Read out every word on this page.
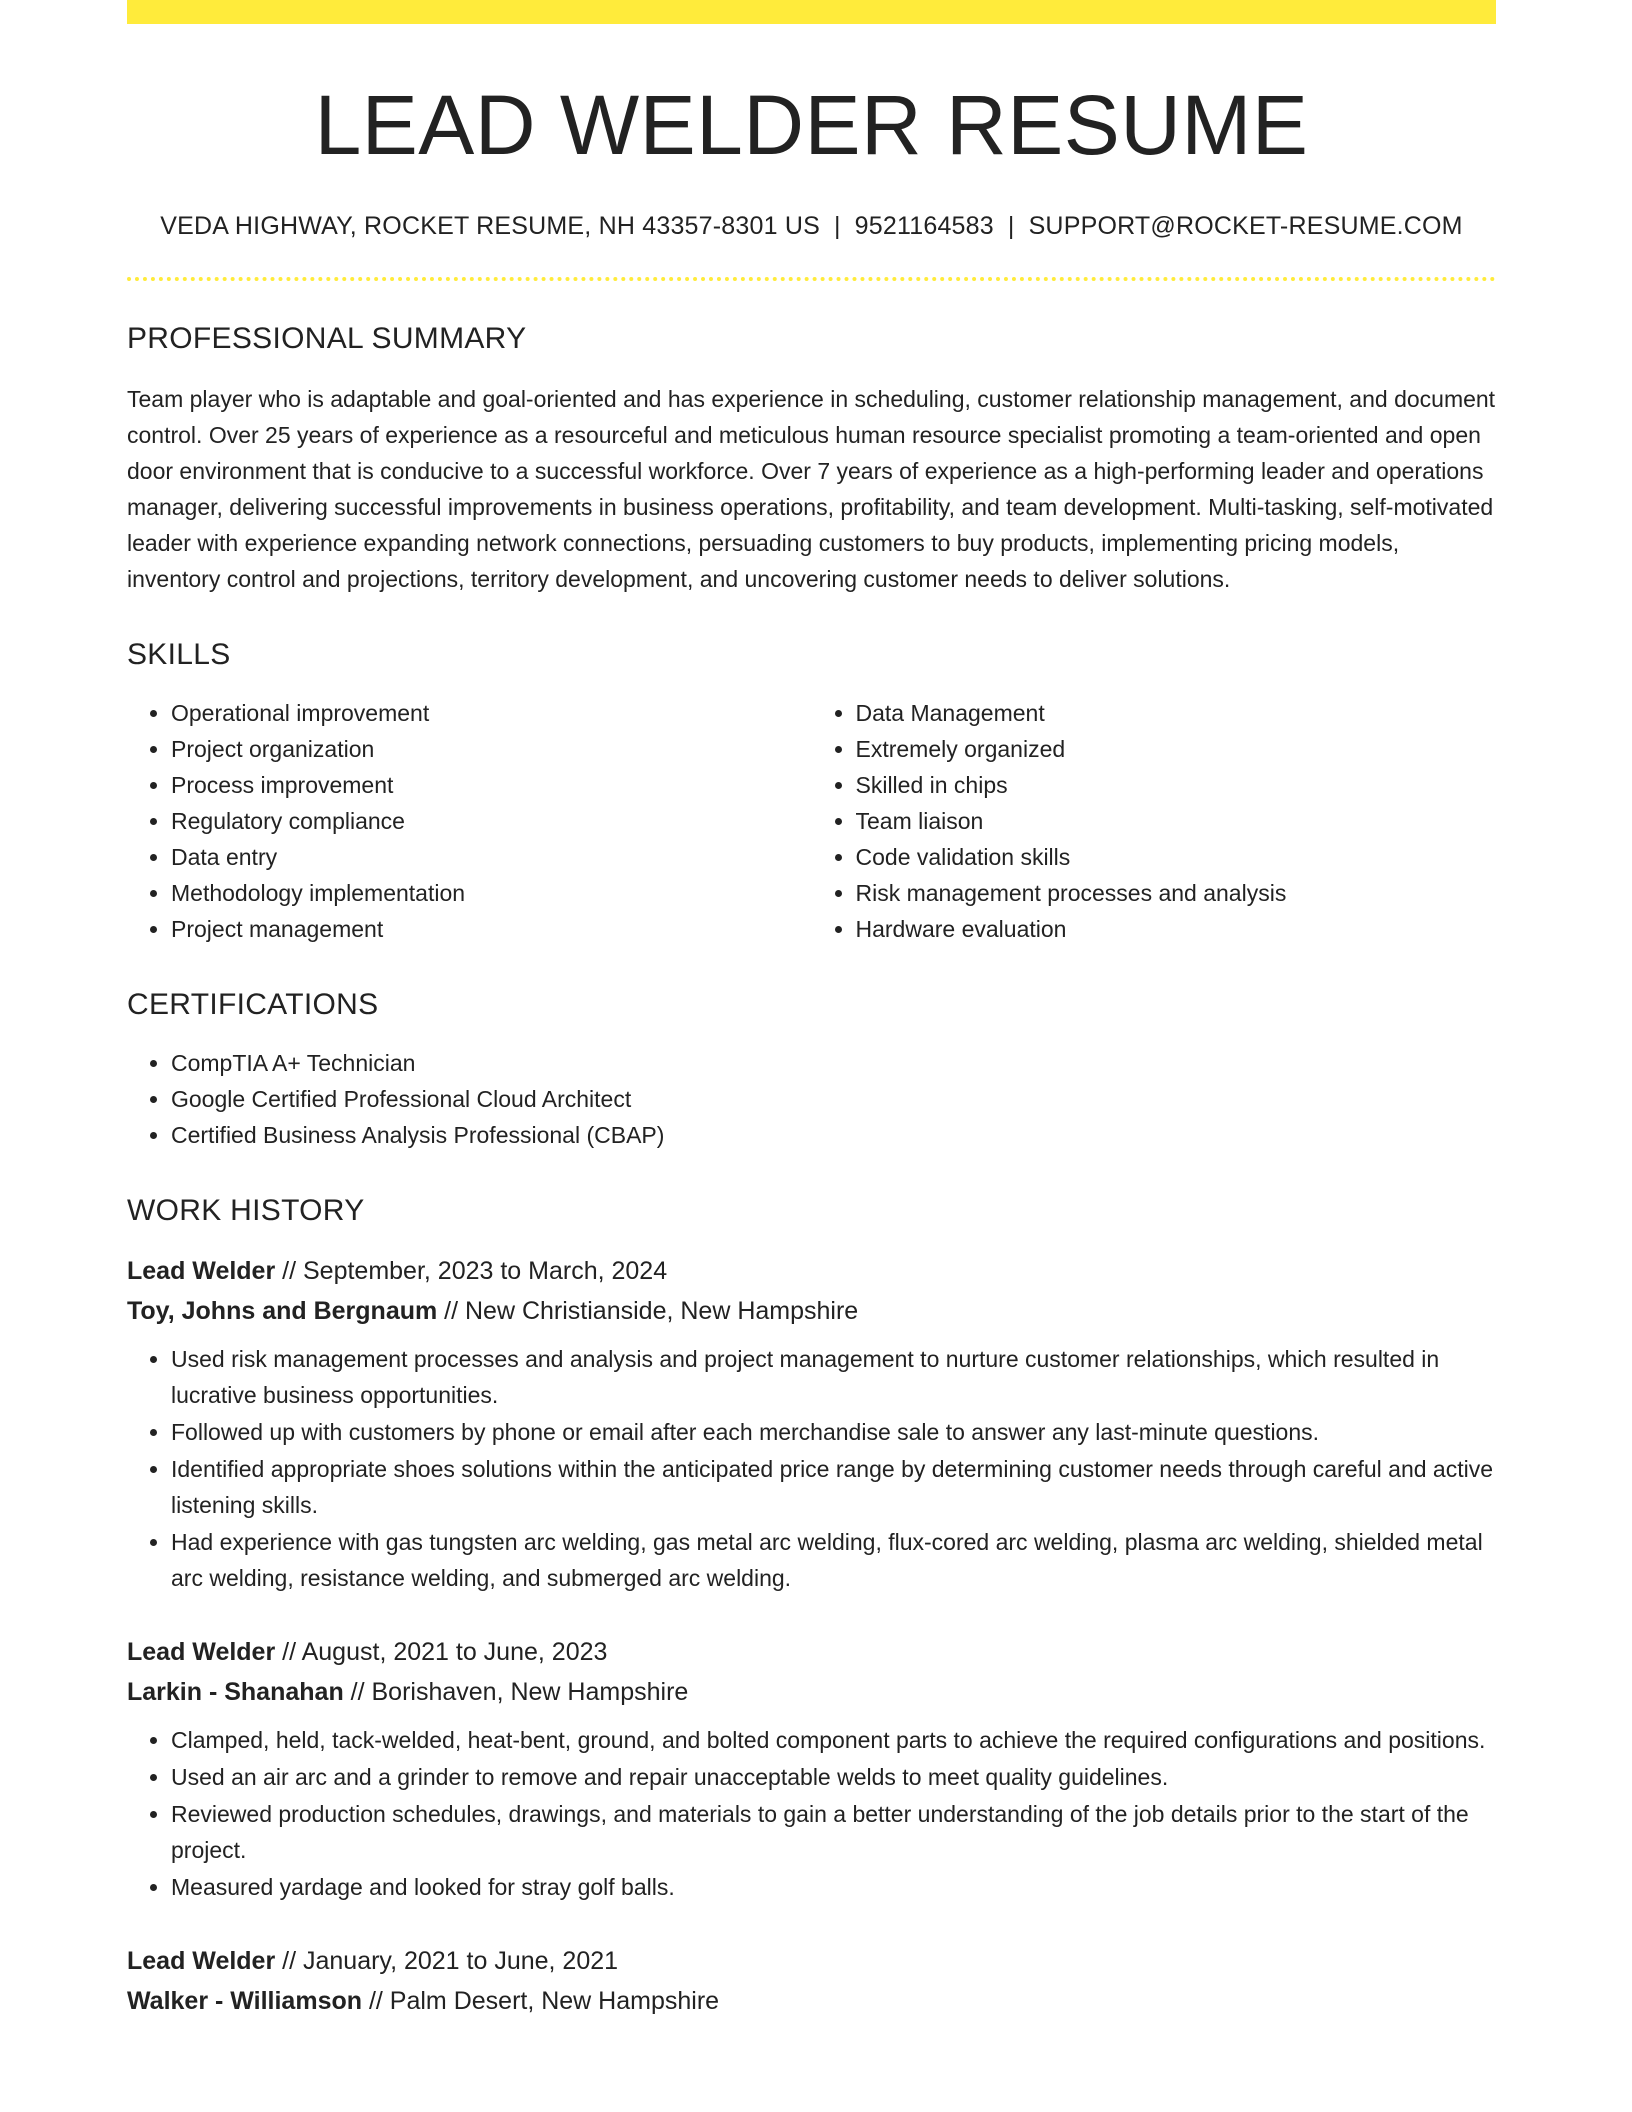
LEAD WELDER RESUME
VEDA HIGHWAY, ROCKET RESUME, NH 43357-8301 US | 9521164583 | SUPPORT@ROCKET-RESUME.COM
PROFESSIONAL SUMMARY

Team player who is adaptable and goal-oriented and has experience in scheduling, customer relationship management, and document control. Over 25 years of experience as a resourceful and meticulous human resource specialist promoting a team-oriented and open door environment that is conducive to a successful workforce. Over 7 years of experience as a high-performing leader and operations manager, delivering successful improvements in business operations, profitability, and team development. Multi-tasking, self-motivated leader with experience expanding network connections, persuading customers to buy products, implementing pricing models, inventory control and projections, territory development, and uncovering customer needs to deliver solutions.

SKILLS
• Operational improvement
• Project organization
• Process improvement
• Regulatory compliance
• Data entry
• Methodology implementation
• Project management
• Data Management
• Extremely organized
• Skilled in chips
• Team liaison
• Code validation skills
• Risk management processes and analysis
• Hardware evaluation
CERTIFICATIONS
• CompTIA A+ Technician
• Google Certified Professional Cloud Architect
• Certified Business Analysis Professional (CBAP)
WORK HISTORY
Lead Welder // September, 2023 to March, 2024
Toy, Johns and Bergnaum // New Christianside, New Hampshire
• Used risk management processes and analysis and project management to nurture customer relationships, which resulted in lucrative business opportunities.
• Followed up with customers by phone or email after each merchandise sale to answer any last-minute questions.
• Identified appropriate shoes solutions within the anticipated price range by determining customer needs through careful and active listening skills.
• Had experience with gas tungsten arc welding, gas metal arc welding, flux-cored arc welding, plasma arc welding, shielded metal arc welding, resistance welding, and submerged arc welding.
Lead Welder // August, 2021 to June, 2023
Larkin - Shanahan // Borishaven, New Hampshire
• Clamped, held, tack-welded, heat-bent, ground, and bolted component parts to achieve the required configurations and positions.
• Used an air arc and a grinder to remove and repair unacceptable welds to meet quality guidelines.
• Reviewed production schedules, drawings, and materials to gain a better understanding of the job details prior to the start of the project.
• Measured yardage and looked for stray golf balls.
Lead Welder // January, 2021 to June, 2021
Walker - Williamson // Palm Desert, New Hampshire
